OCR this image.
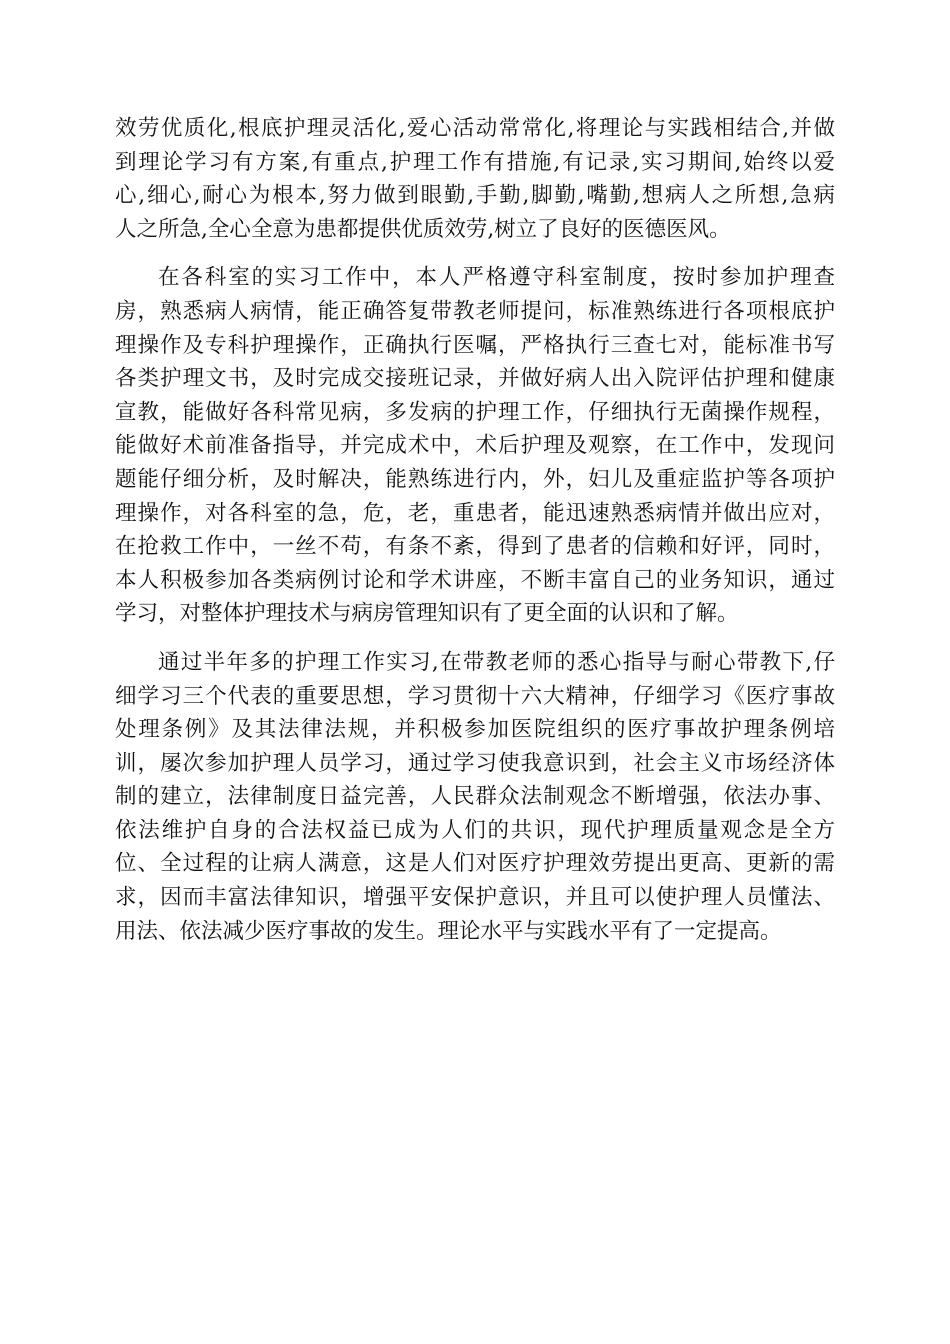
效劳优质化,根底护理灵活化,爱心活动常常化,将理论与实践相结合,并做
到理论学习有方案,有重点,护理工作有措施,有记录,实习期间,始终以爱
心,细心,耐心为根本,努力做到眼勤,手勤,脚勤,嘴勤,想病人之所想,急病
人之所急,全心全意为患都提供优质效劳,树立了良好的医德医风。
在各科室的实习工作中，本人严格遵守科室制度，按时参加护理查
房，熟悉病人病情，能正确答复带教老师提问，标准熟练进行各项根底护
理操作及专科护理操作，正确执行医嘱，严格执行三查七对，能标准书写
各类护理文书，及时完成交接班记录，并做好病人出入院评估护理和健康
宣教，能做好各科常见病，多发病的护理工作，仔细执行无菌操作规程，
能做好术前准备指导，并完成术中，术后护理及观察，在工作中，发现问
题能仔细分析，及时解决，能熟练进行内，外，妇儿及重症监护等各项护
理操作，对各科室的急，危，老，重患者，能迅速熟悉病情并做出应对，
在抢救工作中，一丝不苟，有条不紊，得到了患者的信赖和好评，同时，
本人积极参加各类病例讨论和学术讲座，不断丰富自己的业务知识，通过
学习，对整体护理技术与病房管理知识有了更全面的认识和了解。
通过半年多的护理工作实习,在带教老师的悉心指导与耐心带教下,仔
细学习三个代表的重要思想，学习贯彻十六大精神，仔细学习《医疗事故
处理条例》及其法律法规，并积极参加医院组织的医疗事故护理条例培
训，屡次参加护理人员学习，通过学习使我意识到，社会主义市场经济体
制的建立，法律制度日益完善，人民群众法制观念不断增强，依法办事、
依法维护自身的合法权益已成为人们的共识，现代护理质量观念是全方
位、全过程的让病人满意，这是人们对医疗护理效劳提出更高、更新的需
求，因而丰富法律知识，增强平安保护意识，并且可以使护理人员懂法、
用法、依法减少医疗事故的发生。理论水平与实践水平有了一定提高。
